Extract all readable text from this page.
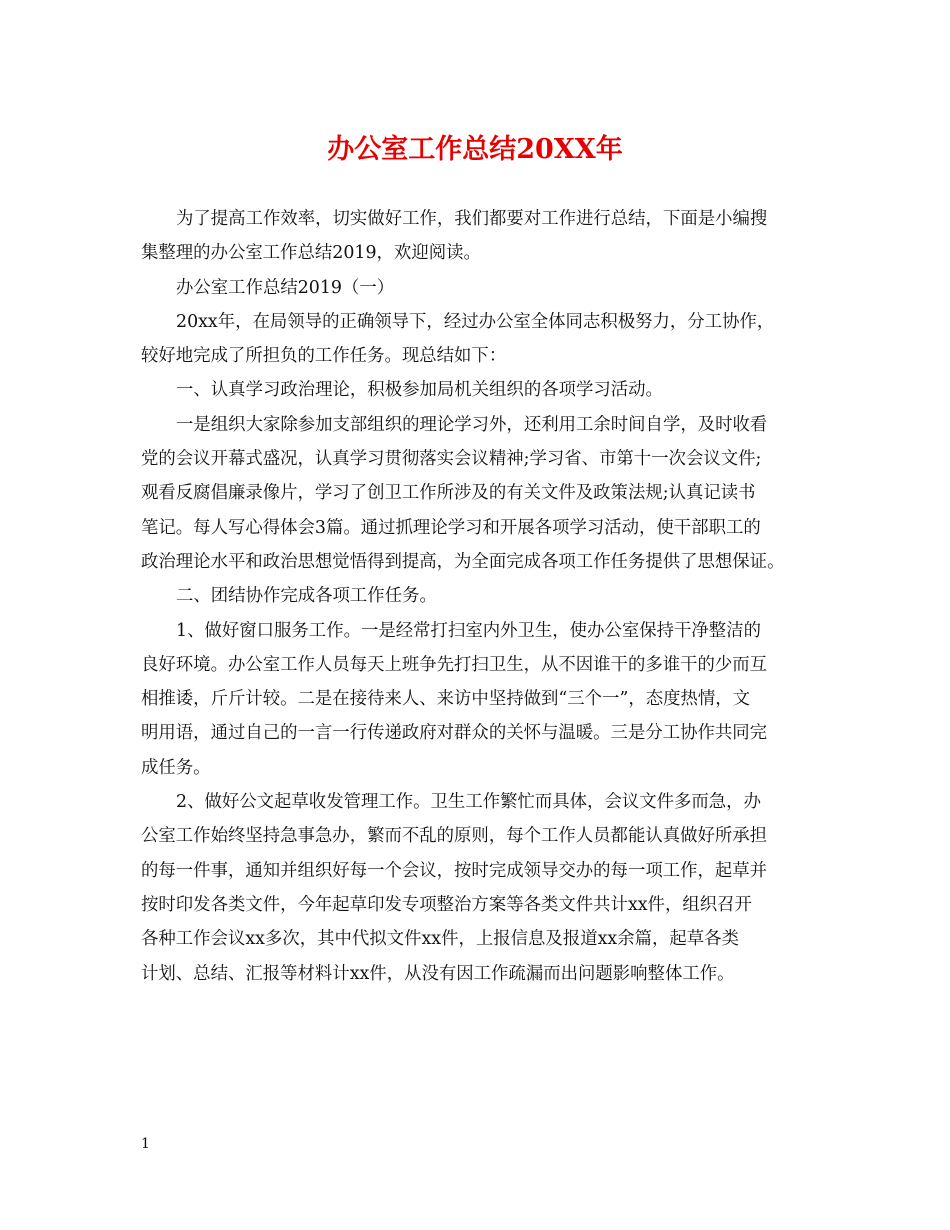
办公室工作总结20XX年
为了提高工作效率，切实做好工作，我们都要对工作进行总结，下面是小编搜
集整理的办公室工作总结2019，欢迎阅读。
办公室工作总结2019（一）
20xx年，在局领导的正确领导下，经过办公室全体同志积极努力，分工协作，
较好地完成了所担负的工作任务。现总结如下：
一、认真学习政治理论，积极参加局机关组织的各项学习活动。
一是组织大家除参加支部组织的理论学习外，还利用工余时间自学，及时收看
党的会议开幕式盛况，认真学习贯彻落实会议精神;学习省、市第十一次会议文件;
观看反腐倡廉录像片，学习了创卫工作所涉及的有关文件及政策法规;认真记读书
笔记。每人写心得体会3篇。通过抓理论学习和开展各项学习活动，使干部职工的
政治理论水平和政治思想觉悟得到提高，为全面完成各项工作任务提供了思想保证。
二、团结协作完成各项工作任务。
1、做好窗口服务工作。一是经常打扫室内外卫生，使办公室保持干净整洁的
良好环境。办公室工作人员每天上班争先打扫卫生，从不因谁干的多谁干的少而互
相推诿，斤斤计较。二是在接待来人、来访中坚持做到“三个一”，态度热情，文
明用语，通过自己的一言一行传递政府对群众的关怀与温暖。三是分工协作共同完
成任务。
2、做好公文起草收发管理工作。卫生工作繁忙而具体，会议文件多而急，办
公室工作始终坚持急事急办，繁而不乱的原则，每个工作人员都能认真做好所承担
的每一件事，通知并组织好每一个会议，按时完成领导交办的每一项工作，起草并
按时印发各类文件，今年起草印发专项整治方案等各类文件共计xx件，组织召开
各种工作会议xx多次，其中代拟文件xx件，上报信息及报道xx余篇，起草各类
计划、总结、汇报等材料计xx件，从没有因工作疏漏而出问题影响整体工作。
1
